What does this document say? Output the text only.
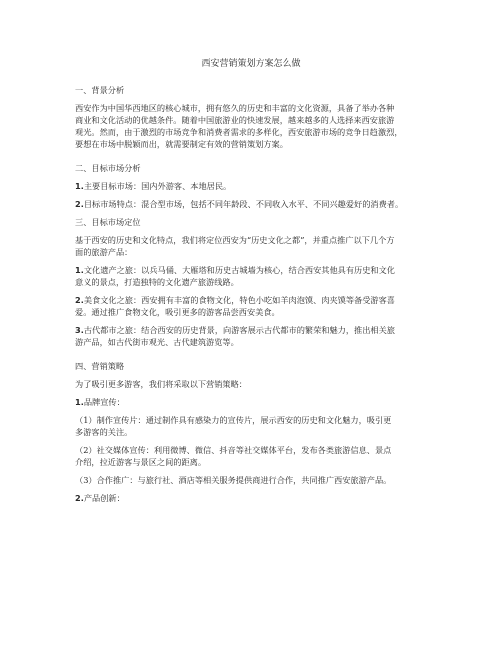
西安营销策划方案怎么做
一、背景分析
西安作为中国华西地区的核心城市，拥有悠久的历史和丰富的文化资源，具备了举办各种
商业和文化活动的优越条件。随着中国旅游业的快速发展，越来越多的人选择来西安旅游
观光。然而，由于激烈的市场竞争和消费者需求的多样化，西安旅游市场的竞争日趋激烈，
要想在市场中脱颖而出，就需要制定有效的营销策划方案。
二、目标市场分析
1.主要目标市场：国内外游客、本地居民。
2.目标市场特点：混合型市场，包括不同年龄段、不同收入水平、不同兴趣爱好的消费者。
三、目标市场定位
基于西安的历史和文化特点，我们将定位西安为“历史文化之都”，并重点推广以下几个方
面的旅游产品：
1.文化遗产之旅：以兵马俑、大雁塔和历史古城墙为核心，结合西安其他具有历史和文化
意义的景点，打造独特的文化遗产旅游线路。
2.美食文化之旅：西安拥有丰富的食物文化，特色小吃如羊肉泡馍、肉夹馍等备受游客喜
爱。通过推广食物文化，吸引更多的游客品尝西安美食。
3.古代都市之旅：结合西安的历史背景，向游客展示古代都市的繁荣和魅力，推出相关旅
游产品，如古代街市观光、古代建筑游览等。
四、营销策略
为了吸引更多游客，我们将采取以下营销策略：
1.品牌宣传：
（1）制作宣传片：通过制作具有感染力的宣传片，展示西安的历史和文化魅力，吸引更
多游客的关注。
（2）社交媒体宣传：利用微博、微信、抖音等社交媒体平台，发布各类旅游信息、景点
介绍，拉近游客与景区之间的距离。
（3）合作推广：与旅行社、酒店等相关服务提供商进行合作，共同推广西安旅游产品。
2.产品创新：
